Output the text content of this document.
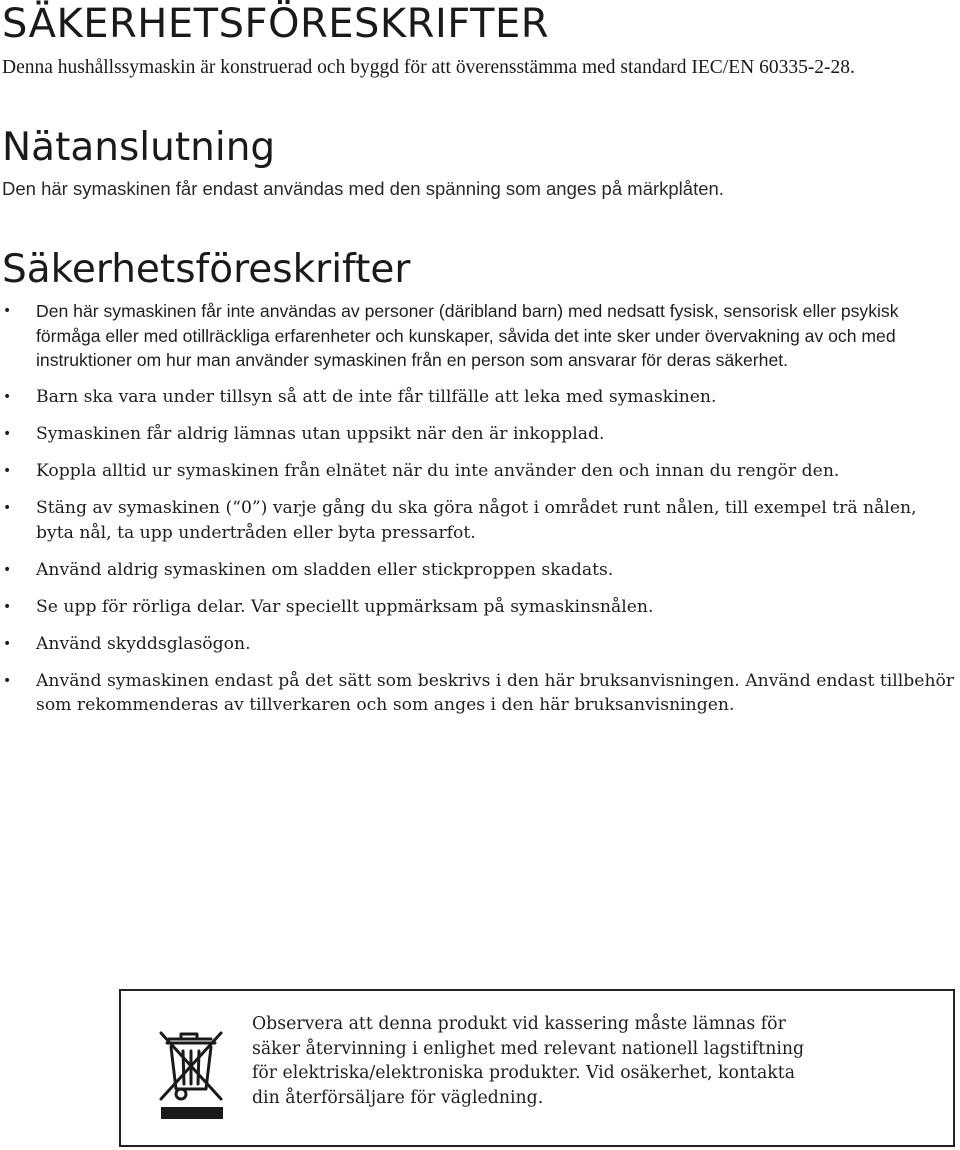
SÄKERHETSFÖRESKRIFTER

Denna hushållssymaskin är konstruerad och byggd för att överensstämma med standard IEC/EN 60335-2-28.

Nätanslutning

Den här symaskinen får endast användas med den spänning som anges på märkplåten.

Säkerhetsföreskrifter
• Den här symaskinen får inte användas av personer (däribland barn) med nedsatt fysisk, sensorisk eller psykisk förmåga eller med otillräckliga erfarenheter och kunskaper, såvida det inte sker under övervakning av och med instruktioner om hur man använder symaskinen från en person som ansvarar för deras säkerhet.
• Barn ska vara under tillsyn så att de inte får tillfälle att leka med symaskinen.
• Symaskinen får aldrig lämnas utan uppsikt när den är inkopplad.
• Koppla alltid ur symaskinen från elnätet när du inte använder den och innan du rengör den.
• Stäng av symaskinen (“0”) varje gång du ska göra något i området runt nålen, till exempel trä nålen, byta nål, ta upp undertråden eller byta pressarfot.
• Använd aldrig symaskinen om sladden eller stickproppen skadats.
• Se upp för rörliga delar. Var speciellt uppmärksam på symaskinsnålen.
• Använd skyddsglasögon.
• Använd symaskinen endast på det sätt som beskrivs i den här bruksanvisningen. Använd endast tillbehör som rekommenderas av tillverkaren och som anges i den här bruksanvisningen.

Observera att denna produkt vid kassering måste lämnas för säker återvinning i enlighet med relevant nationell lagstiftning för elektriska/elektroniska produkter. Vid osäkerhet, kontakta din återförsäljare för vägledning.
